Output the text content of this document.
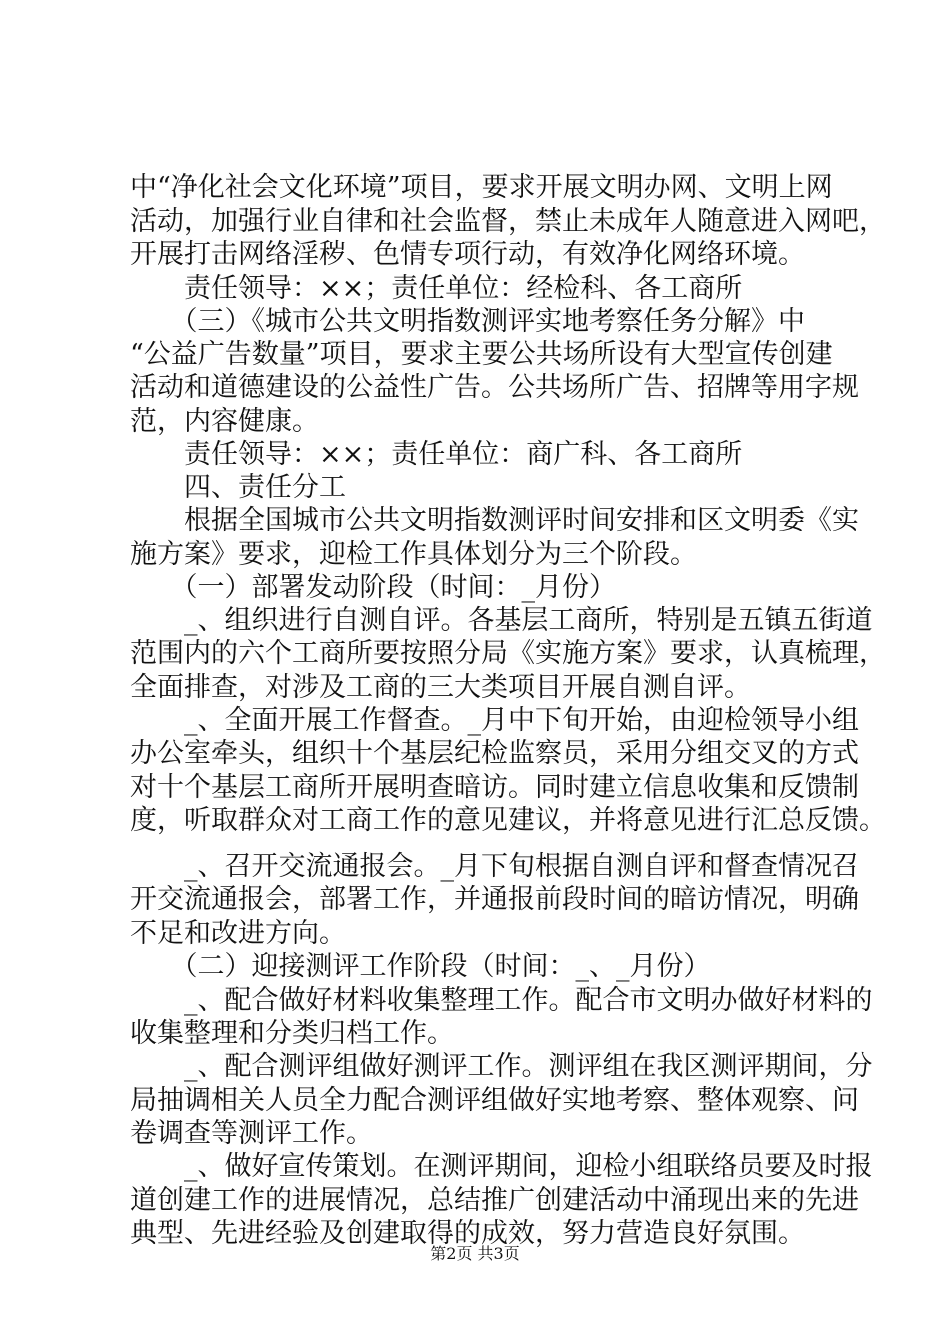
中“净化社会文化环境”项目，要求开展文明办网、文明上网
活动，加强行业自律和社会监督，禁止未成年人随意进入网吧，
开展打击网络淫秽、色情专项行动，有效净化网络环境。
　　责任领导：××；责任单位：经检科、各工商所
　　（三）《城市公共文明指数测评实地考察任务分解》中
“公益广告数量”项目，要求主要公共场所设有大型宣传创建
活动和道德建设的公益性广告。公共场所广告、招牌等用字规
范，内容健康。
　　责任领导：××；责任单位：商广科、各工商所
　　四、责任分工
　　根据全国城市公共文明指数测评时间安排和区文明委《实
施方案》要求，迎检工作具体划分为三个阶段。
　　（一）部署发动阶段（时间：_月份）
　　_、组织进行自测自评。各基层工商所，特别是五镇五街道
范围内的六个工商所要按照分局《实施方案》要求，认真梳理，
全面排查，对涉及工商的三大类项目开展自测自评。
　　_、全面开展工作督查。_月中下旬开始，由迎检领导小组
办公室牵头，组织十个基层纪检监察员，采用分组交叉的方式
对十个基层工商所开展明查暗访。同时建立信息收集和反馈制
度，听取群众对工商工作的意见建议，并将意见进行汇总反馈。
　　_、召开交流通报会。_月下旬根据自测自评和督查情况召
开交流通报会，部署工作，并通报前段时间的暗访情况，明确
不足和改进方向。
　　（二）迎接测评工作阶段（时间：_、_月份）
　　_、配合做好材料收集整理工作。配合市文明办做好材料的
收集整理和分类归档工作。
　　_、配合测评组做好测评工作。测评组在我区测评期间，分
局抽调相关人员全力配合测评组做好实地考察、整体观察、问
卷调查等测评工作。
　　_、做好宣传策划。在测评期间，迎检小组联络员要及时报
道创建工作的进展情况，总结推广创建活动中涌现出来的先进
典型、先进经验及创建取得的成效，努力营造良好氛围。
第2页 共3页
